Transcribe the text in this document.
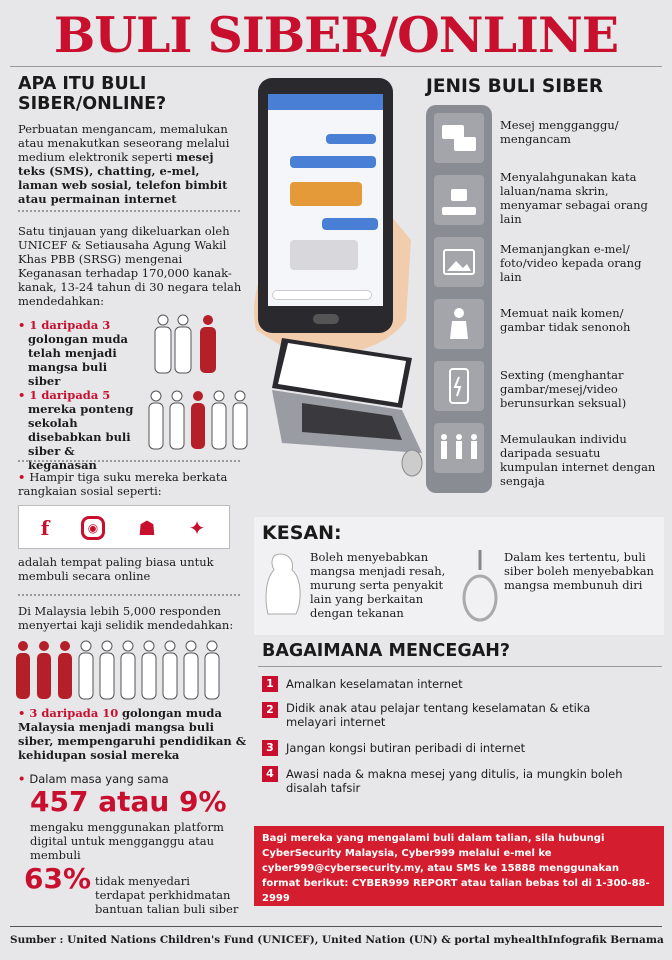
BULI SIBER/ONLINE
APA ITU BULI SIBER/ONLINE?
Perbuatan mengancam, memalukan atau menakutkan seseorang melalui medium elektronik seperti mesej teks (SMS), chatting, e-mel, laman web sosial, telefon bimbit atau permainan internet
Satu tinjauan yang dikeluarkan oleh UNICEF & Setiausaha Agung Wakil Khas PBB (SRSG) mengenai Keganasan terhadap 170,000 kanak-kanak, 13-24 tahun di 30 negara telah mendedahkan:
• 1 daripada 3
golongan muda telah menjadi mangsa buli siber
• 1 daripada 5
mereka ponteng sekolah disebabkan buli siber & keganasan
• Hampir tiga suku mereka berkata rangkaian sosial seperti:
f	◉	☗ ✦
adalah tempat paling biasa untuk membuli secara online
Di Malaysia lebih 5,000 responden menyertai kaji selidik mendedahkan:
• 3 daripada 10 golongan muda Malaysia menjadi mangsa buli siber, mempengaruhi pendidikan & kehidupan sosial mereka
• Dalam masa yang sama
457 atau 9%
mengaku menggunakan platform digital untuk mengganggu atau membuli
63% tidak menyedari terdapat perkhidmatan bantuan talian buli siber
JENIS BULI SIBER
Mesej mengganggu/ mengancam
Menyalahgunakan kata laluan/nama skrin, menyamar sebagai orang lain
Memanjangkan e-mel/ foto/video kepada orang lain
Memuat naik komen/ gambar tidak senonoh
Sexting (menghantar gambar/mesej/video berunsurkan seksual)
Memulaukan individu daripada sesuatu kumpulan internet dengan sengaja
KESAN:
Boleh menyebabkan mangsa menjadi resah, murung serta penyakit lain yang berkaitan dengan tekanan
Dalam kes tertentu, buli siber boleh menyebabkan mangsa membunuh diri
BAGAIMANA MENCEGAH?
1	Amalkan keselamatan internet
2	Didik anak atau pelajar tentang keselamatan & etika melayari internet
3	Jangan kongsi butiran peribadi di internet
4	Awasi nada & makna mesej yang ditulis, ia mungkin boleh disalah tafsir
Bagi mereka yang mengalami buli dalam talian, sila hubungi CyberSecurity Malaysia, Cyber999 melalui e-mel ke cyber999@cybersecurity.my, atau SMS ke 15888 menggunakan format berikut: CYBER999 REPORT atau talian bebas tol di 1-300-88-2999
Sumber : United Nations Children's Fund (UNICEF), United Nation (UN) & portal myhealth Infografik Bernama
